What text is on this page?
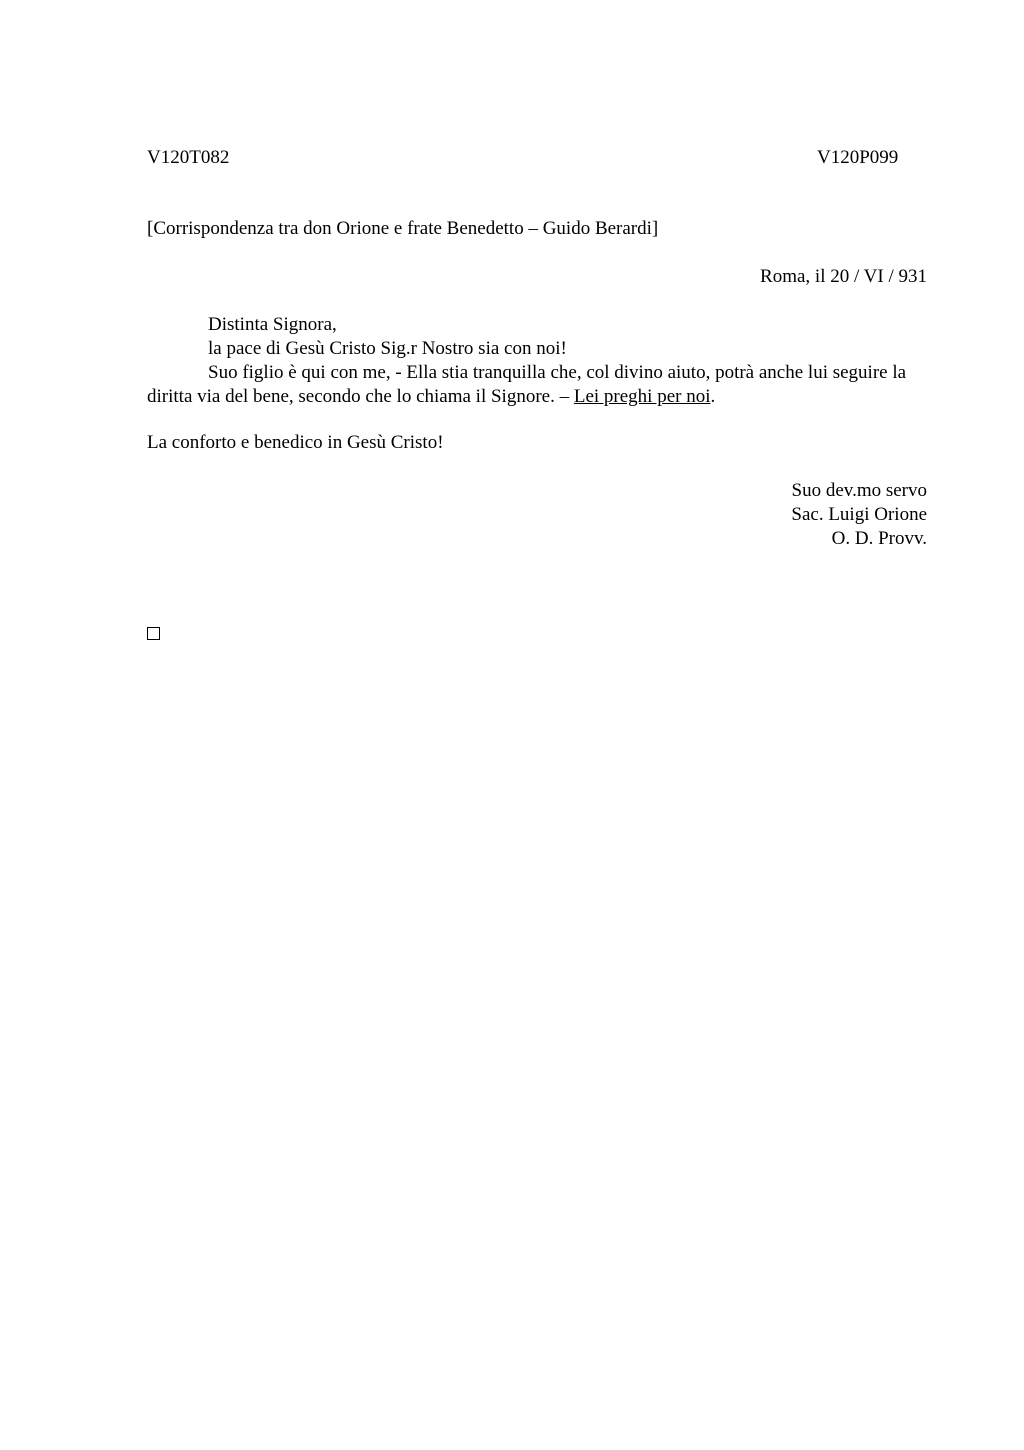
V120T082	V120P099
[Corrispondenza tra don Orione e frate Benedetto – Guido Berardi]
Roma, il 20 / VI / 931

Distinta Signora,

la pace di Gesù Cristo Sig.r Nostro sia con noi!

Suo figlio è qui con me, - Ella stia tranquilla che, col divino aiuto, potrà anche lui seguire la diritta via del bene, secondo che lo chiama il Signore. – Lei preghi per noi.

La conforto e benedico in Gesù Cristo!
Suo dev.mo servo
Sac. Luigi Orione
O. D. Provv.
